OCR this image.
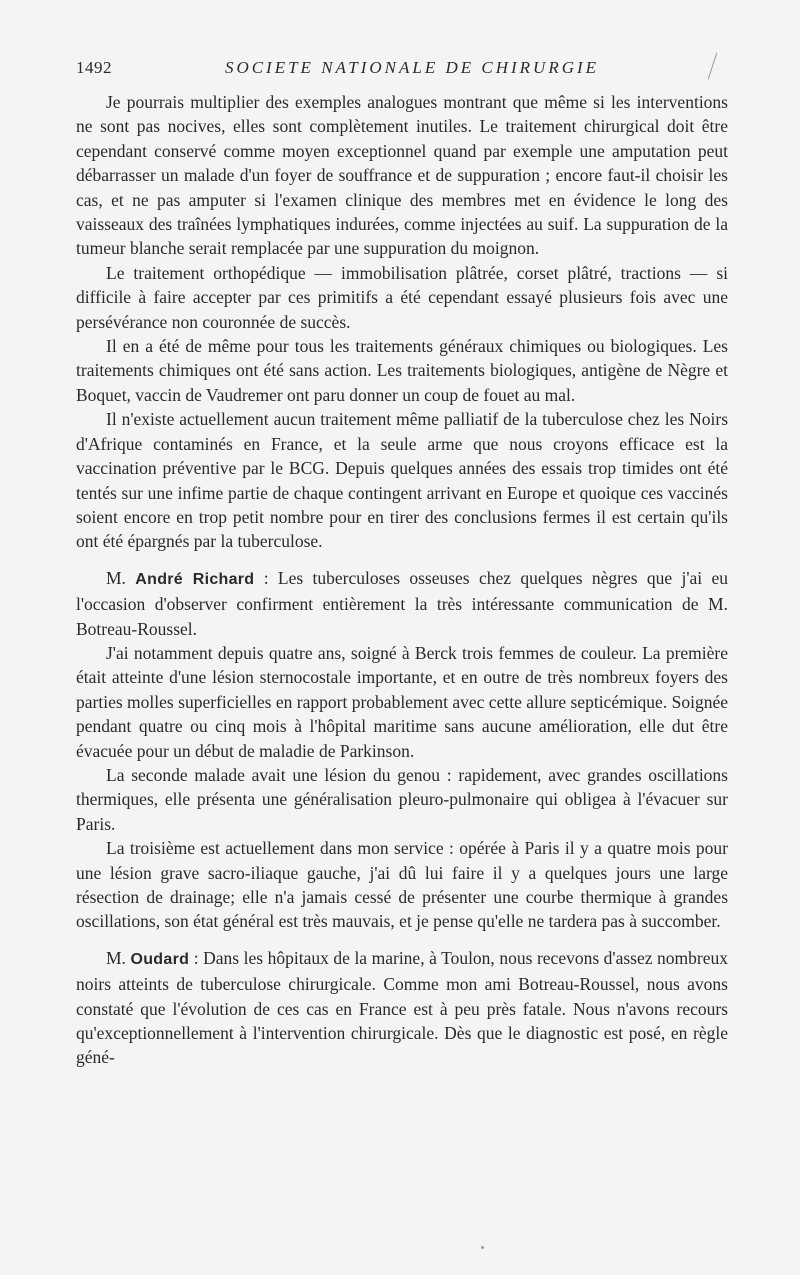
1492	SOCIETE NATIONALE DE CHIRURGIE

Je pourrais multiplier des exemples analogues montrant que même si les interventions ne sont pas nocives, elles sont complètement inutiles. Le traitement chirurgical doit être cependant conservé comme moyen exceptionnel quand par exemple une amputation peut débarrasser un malade d'un foyer de souffrance et de suppuration ; encore faut-il choisir les cas, et ne pas amputer si l'examen clinique des membres met en évidence le long des vaisseaux des traînées lymphatiques indurées, comme injectées au suif. La suppuration de la tumeur blanche serait remplacée par une suppuration du moignon.

Le traitement orthopédique — immobilisation plâtrée, corset plâtré, tractions — si difficile à faire accepter par ces primitifs a été cependant essayé plusieurs fois avec une persévérance non couronnée de succès.

Il en a été de même pour tous les traitements généraux chimiques ou biologiques. Les traitements chimiques ont été sans action. Les traitements biologiques, antigène de Nègre et Boquet, vaccin de Vaudremer ont paru donner un coup de fouet au mal.

Il n'existe actuellement aucun traitement même palliatif de la tuberculose chez les Noirs d'Afrique contaminés en France, et la seule arme que nous croyons efficace est la vaccination préventive par le BCG. Depuis quelques années des essais trop timides ont été tentés sur une infime partie de chaque contingent arrivant en Europe et quoique ces vaccinés soient encore en trop petit nombre pour en tirer des conclusions fermes il est certain qu'ils ont été épargnés par la tuberculose.

M. André Richard : Les tuberculoses osseuses chez quelques nègres que j'ai eu l'occasion d'observer confirment entièrement la très intéressante communication de M. Botreau-Roussel.

J'ai notamment depuis quatre ans, soigné à Berck trois femmes de couleur. La première était atteinte d'une lésion sternocostale importante, et en outre de très nombreux foyers des parties molles superficielles en rapport probablement avec cette allure septicémique. Soignée pendant quatre ou cinq mois à l'hôpital maritime sans aucune amélioration, elle dut être évacuée pour un début de maladie de Parkinson.

La seconde malade avait une lésion du genou : rapidement, avec grandes oscillations thermiques, elle présenta une généralisation pleuro-pulmonaire qui obligea à l'évacuer sur Paris.

La troisième est actuellement dans mon service : opérée à Paris il y a quatre mois pour une lésion grave sacro-iliaque gauche, j'ai dû lui faire il y a quelques jours une large résection de drainage; elle n'a jamais cessé de présenter une courbe thermique à grandes oscillations, son état général est très mauvais, et je pense qu'elle ne tardera pas à succomber.

M. Oudard : Dans les hôpitaux de la marine, à Toulon, nous recevons d'assez nombreux noirs atteints de tuberculose chirurgicale. Comme mon ami Botreau-Roussel, nous avons constaté que l'évolution de ces cas en France est à peu près fatale. Nous n'avons recours qu'exceptionnellement à l'intervention chirurgicale. Dès que le diagnostic est posé, en règle géné-
